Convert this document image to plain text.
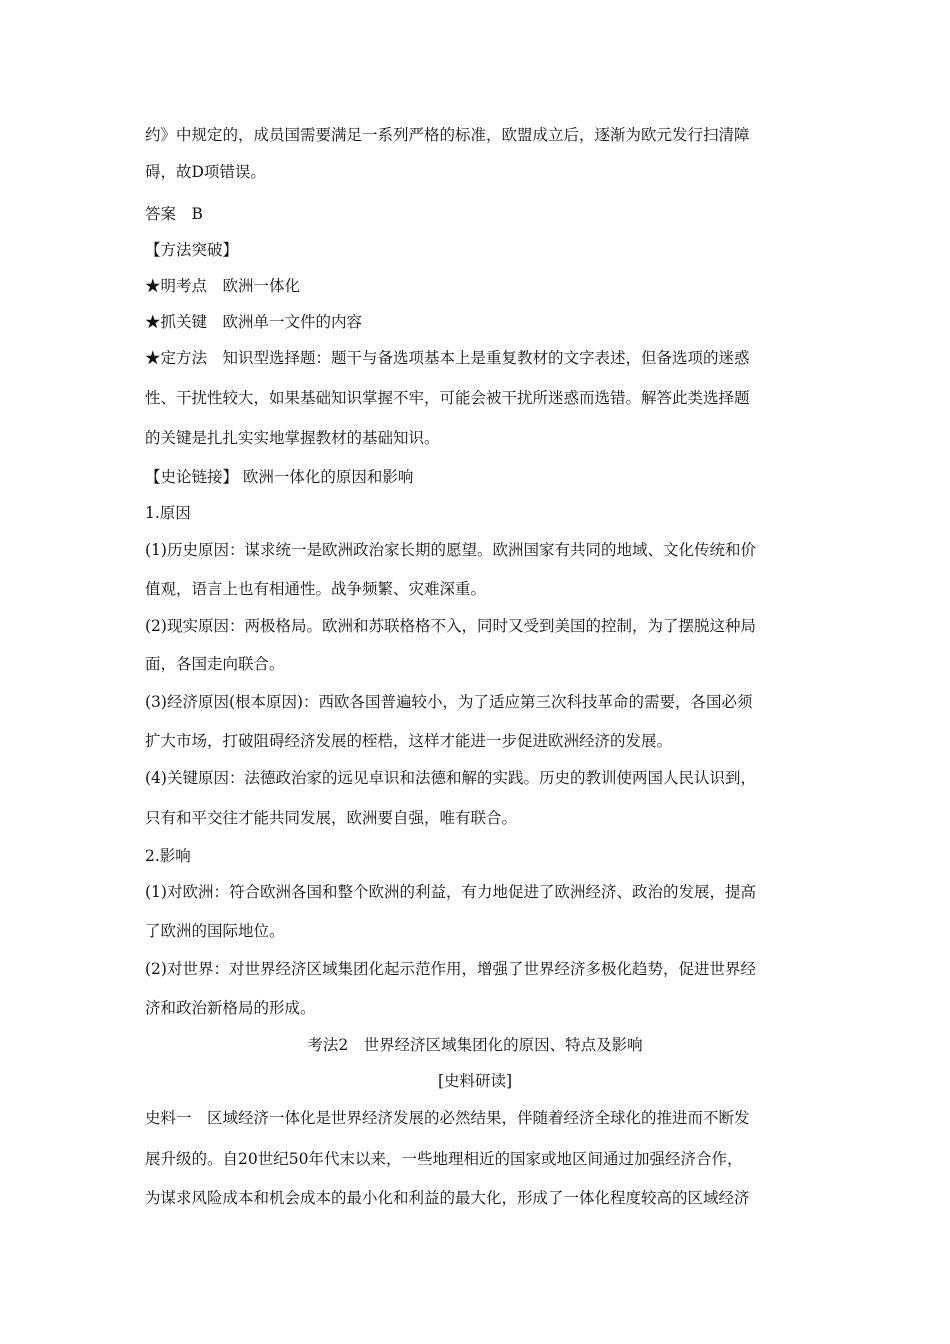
约》中规定的，成员国需要满足一系列严格的标准，欧盟成立后，逐渐为欧元发行扫清障
碍，故D项错误。
答案　B
【方法突破】
★明考点　欧洲一体化
★抓关键　欧洲单一文件的内容
★定方法　知识型选择题：题干与备选项基本上是重复教材的文字表述，但备选项的迷惑
性、干扰性较大，如果基础知识掌握不牢，可能会被干扰所迷惑而选错。解答此类选择题
的关键是扎扎实实地掌握教材的基础知识。
【史论链接】 欧洲一体化的原因和影响
1.原因
(1)历史原因：谋求统一是欧洲政治家长期的愿望。欧洲国家有共同的地域、文化传统和价
值观，语言上也有相通性。战争频繁、灾难深重。
(2)现实原因：两极格局。欧洲和苏联格格不入，同时又受到美国的控制，为了摆脱这种局
面，各国走向联合。
(3)经济原因(根本原因)：西欧各国普遍较小，为了适应第三次科技革命的需要，各国必须
扩大市场，打破阻碍经济发展的桎梏，这样才能进一步促进欧洲经济的发展。
(4)关键原因：法德政治家的远见卓识和法德和解的实践。历史的教训使两国人民认识到，
只有和平交往才能共同发展，欧洲要自强，唯有联合。
2.影响
(1)对欧洲：符合欧洲各国和整个欧洲的利益，有力地促进了欧洲经济、政治的发展，提高
了欧洲的国际地位。
(2)对世界：对世界经济区域集团化起示范作用，增强了世界经济多极化趋势，促进世界经
济和政治新格局的形成。
考法2　世界经济区域集团化的原因、特点及影响
[史料研读]
史料一　区域经济一体化是世界经济发展的必然结果，伴随着经济全球化的推进而不断发
展升级的。自20世纪50年代末以来，一些地理相近的国家或地区间通过加强经济合作，
为谋求风险成本和机会成本的最小化和利益的最大化，形成了一体化程度较高的区域经济
